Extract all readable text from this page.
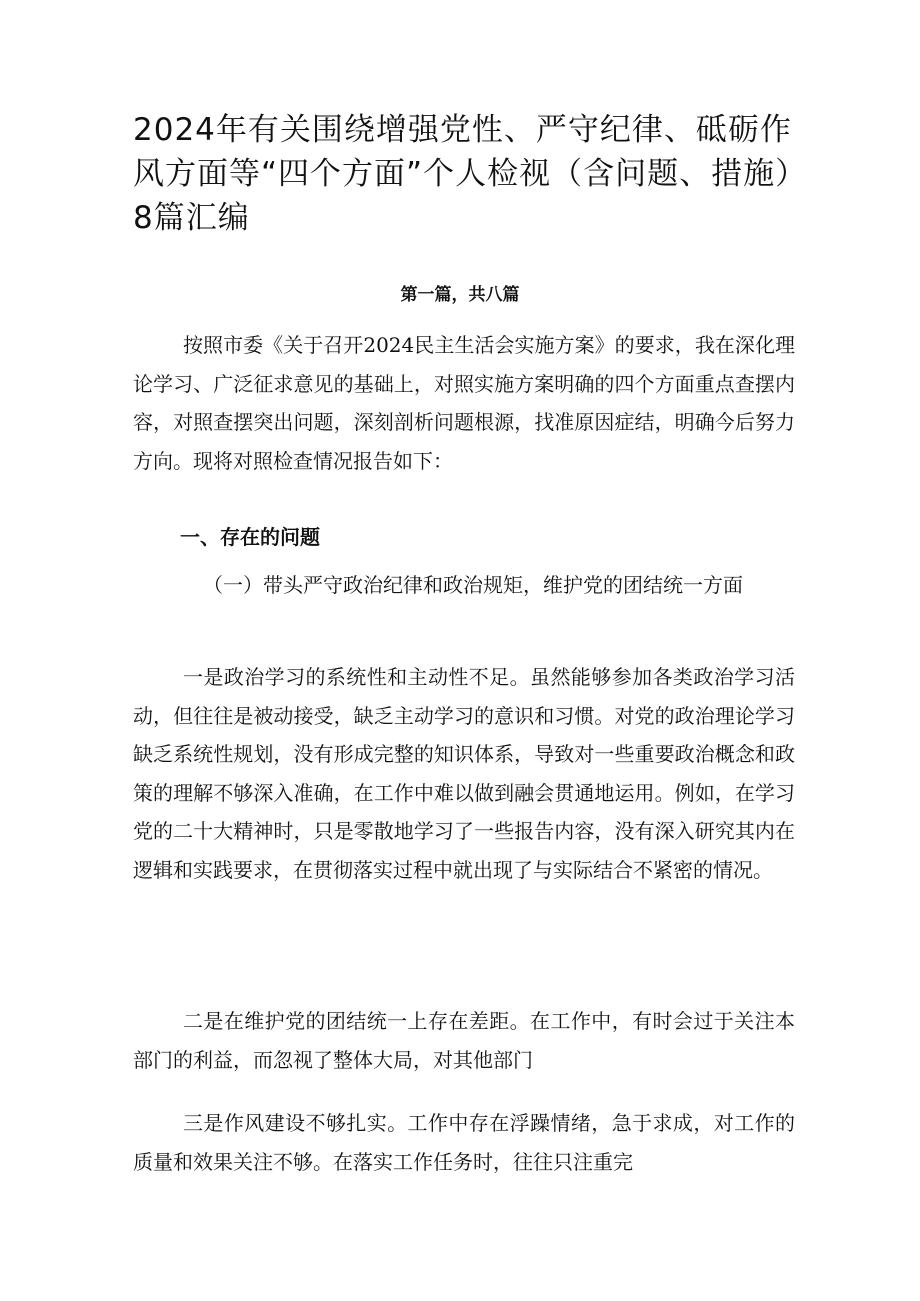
2024年有关围绕增强党性、严守纪律、砥砺作风方面等“四个方面”个人检视（含问题、措施）8篇汇编
第一篇，共八篇

按照市委《关于召开2024民主生活会实施方案》的要求，我在深化理论学习、广泛征求意见的基础上，对照实施方案明确的四个方面重点查摆内容，对照查摆突出问题，深刻剖析问题根源，找准原因症结，明确今后努力方向。现将对照检查情况报告如下：

一、存在的问题

（一）带头严守政治纪律和政治规矩，维护党的团结统一方面

一是政治学习的系统性和主动性不足。虽然能够参加各类政治学习活动，但往往是被动接受，缺乏主动学习的意识和习惯。对党的政治理论学习缺乏系统性规划，没有形成完整的知识体系，导致对一些重要政治概念和政策的理解不够深入准确，在工作中难以做到融会贯通地运用。例如，在学习党的二十大精神时，只是零散地学习了一些报告内容，没有深入研究其内在逻辑和实践要求，在贯彻落实过程中就出现了与实际结合不紧密的情况。

二是在维护党的团结统一上存在差距。在工作中，有时会过于关注本部门的利益，而忽视了整体大局，对其他部门

三是作风建设不够扎实。工作中存在浮躁情绪，急于求成，对工作的质量和效果关注不够。在落实工作任务时，往往只注重完
